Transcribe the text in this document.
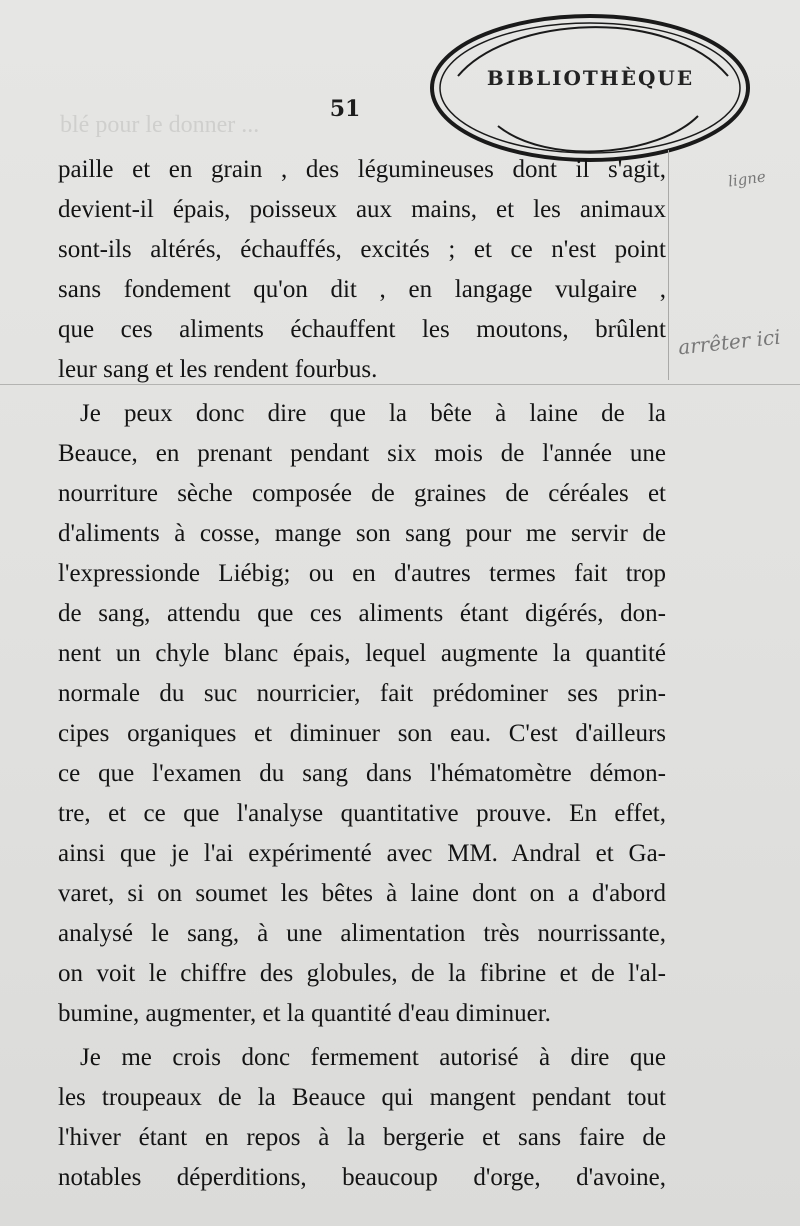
blé pour le donner ...
51
BIBLIOTHÈQUE
ligne
arrêter ici

paille et en grain , des légumineuses dont il s'agit,
devient-il épais, poisseux aux mains, et les animaux
sont-ils altérés, échauffés, excités ; et ce n'est point
sans fondement qu'on dit , en langage vulgaire ,
que ces aliments échauffent les moutons, brûlent
leur sang et les rendent fourbus.

Je peux donc dire que la bête à laine de la
Beauce, en prenant pendant six mois de l'année une
nourriture sèche composée de graines de céréales et
d'aliments à cosse, mange son sang pour me servir de
l'expressionde Liébig; ou en d'autres termes fait trop
de sang, attendu que ces aliments étant digérés, don-
nent un chyle blanc épais, lequel augmente la quantité
normale du suc nourricier, fait prédominer ses prin-
cipes organiques et diminuer son eau. C'est d'ailleurs
ce que l'examen du sang dans l'hématomètre démon-
tre, et ce que l'analyse quantitative prouve. En effet,
ainsi que je l'ai expérimenté avec MM. Andral et Ga-
varet, si on soumet les bêtes à laine dont on a d'abord
analysé le sang, à une alimentation très nourrissante,
on voit le chiffre des globules, de la fibrine et de l'al-
bumine, augmenter, et la quantité d'eau diminuer.

Je me crois donc fermement autorisé à dire que
les troupeaux de la Beauce qui mangent pendant tout
l'hiver étant en repos à la bergerie et sans faire de
notables déperditions, beaucoup d'orge, d'avoine,
